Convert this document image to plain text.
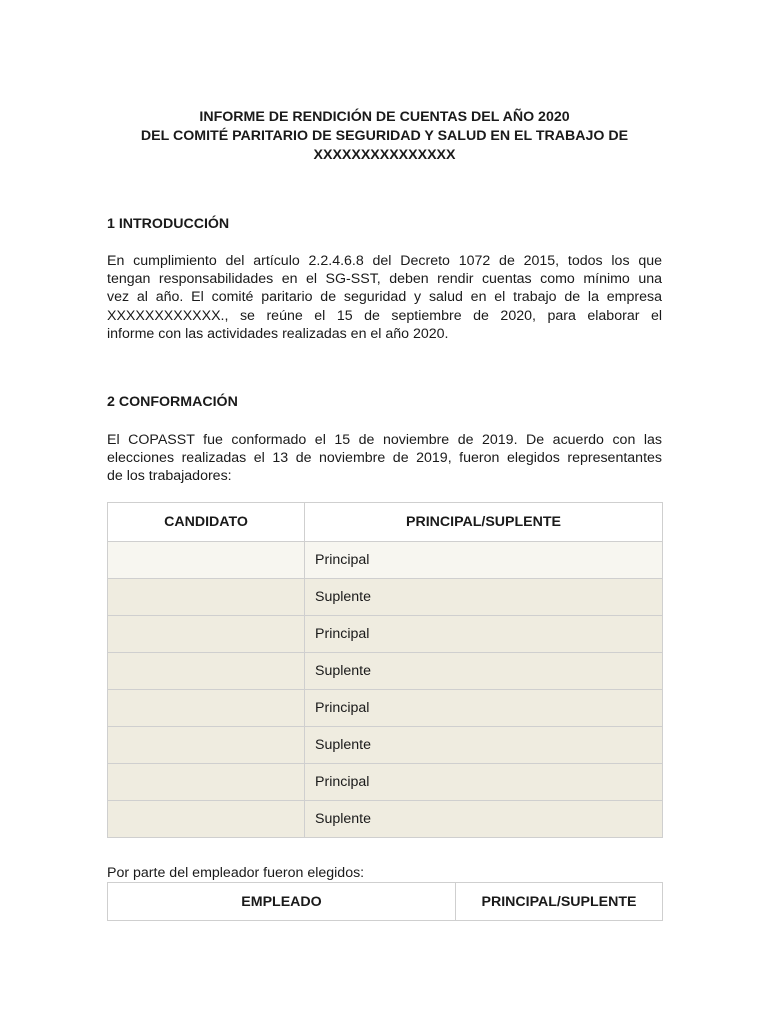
INFORME DE RENDICIÓN DE CUENTAS DEL AÑO 2020
DEL COMITÉ PARITARIO DE SEGURIDAD Y SALUD EN EL TRABAJO DE
XXXXXXXXXXXXXXX
1 INTRODUCCIÓN
En cumplimiento del artículo 2.2.4.6.8 del Decreto 1072 de 2015, todos los que
tengan responsabilidades en el SG-SST, deben rendir cuentas como mínimo una
vez al año. El comité paritario de seguridad y salud en el trabajo de la empresa
XXXXXXXXXXXX., se reúne el 15 de septiembre de 2020, para elaborar el
informe con las actividades realizadas en el año 2020.
2 CONFORMACIÓN
El COPASST fue conformado el 15 de noviembre de 2019. De acuerdo con las
elecciones realizadas el 13 de noviembre de 2019, fueron elegidos representantes
de los trabajadores:
CANDIDATO	PRINCIPAL/SUPLENTE
	Principal
	Suplente
	Principal
	Suplente
	Principal
	Suplente
	Principal
	Suplente

Por parte del empleador fueron elegidos:

EMPLEADO	PRINCIPAL/SUPLENTE
